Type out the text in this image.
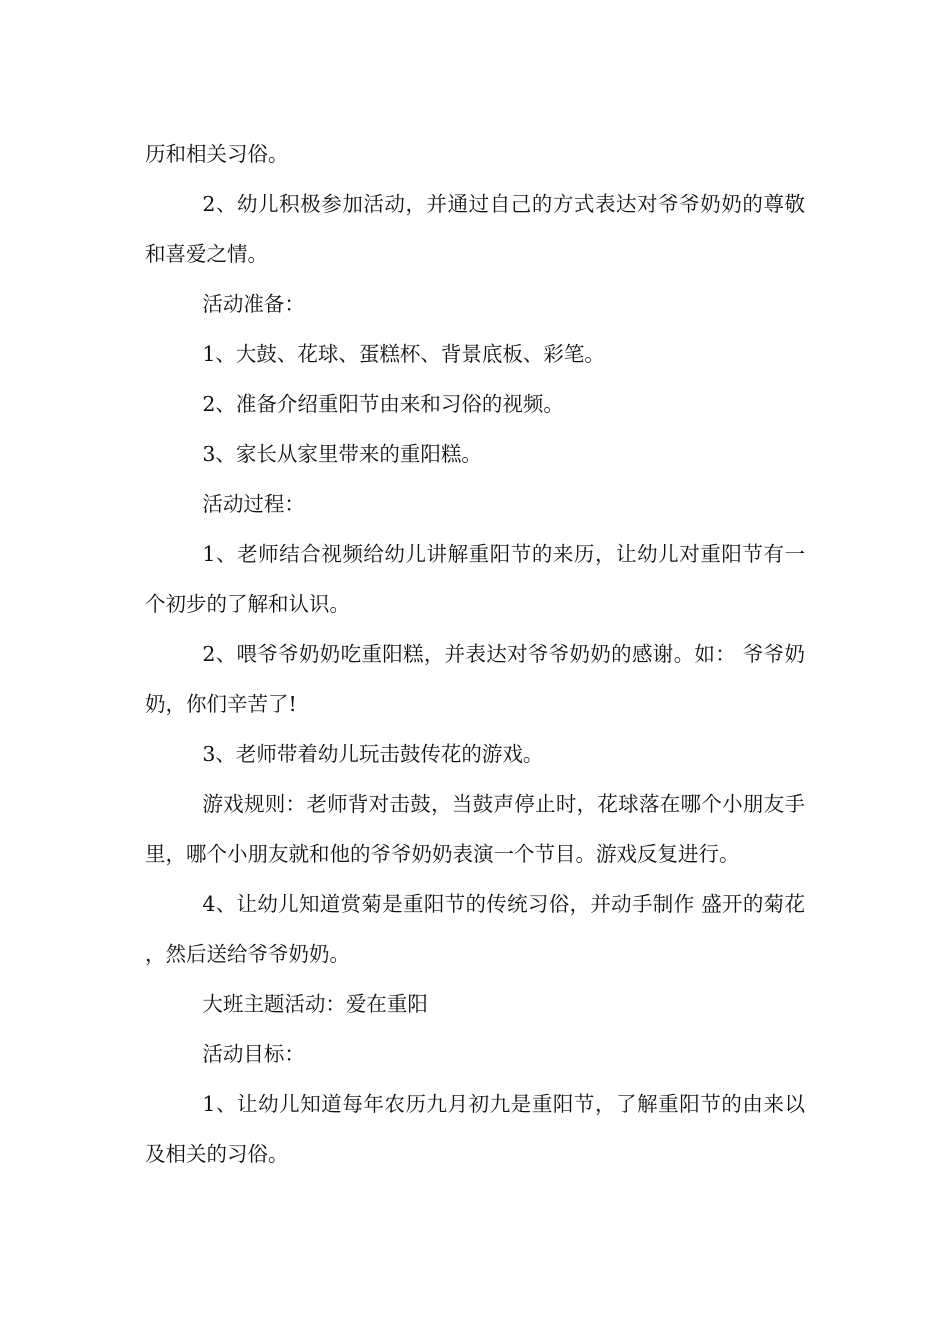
历和相关习俗。

2、幼儿积极参加活动，并通过自己的方式表达对爷爷奶奶的尊敬和喜爱之情。

活动准备：

1、大鼓、花球、蛋糕杯、背景底板、彩笔。

2、准备介绍重阳节由来和习俗的视频。

3、家长从家里带来的重阳糕。

活动过程：

1、老师结合视频给幼儿讲解重阳节的来历，让幼儿对重阳节有一个初步的了解和认识。

2、喂爷爷奶奶吃重阳糕，并表达对爷爷奶奶的感谢。如： 爷爷奶奶，你们辛苦了!

3、老师带着幼儿玩击鼓传花的游戏。

游戏规则：老师背对击鼓，当鼓声停止时，花球落在哪个小朋友手里，哪个小朋友就和他的爷爷奶奶表演一个节目。游戏反复进行。

4、让幼儿知道赏菊是重阳节的传统习俗，并动手制作 盛开的菊花 ，然后送给爷爷奶奶。

大班主题活动：爱在重阳

活动目标：

1、让幼儿知道每年农历九月初九是重阳节，了解重阳节的由来以及相关的习俗。
